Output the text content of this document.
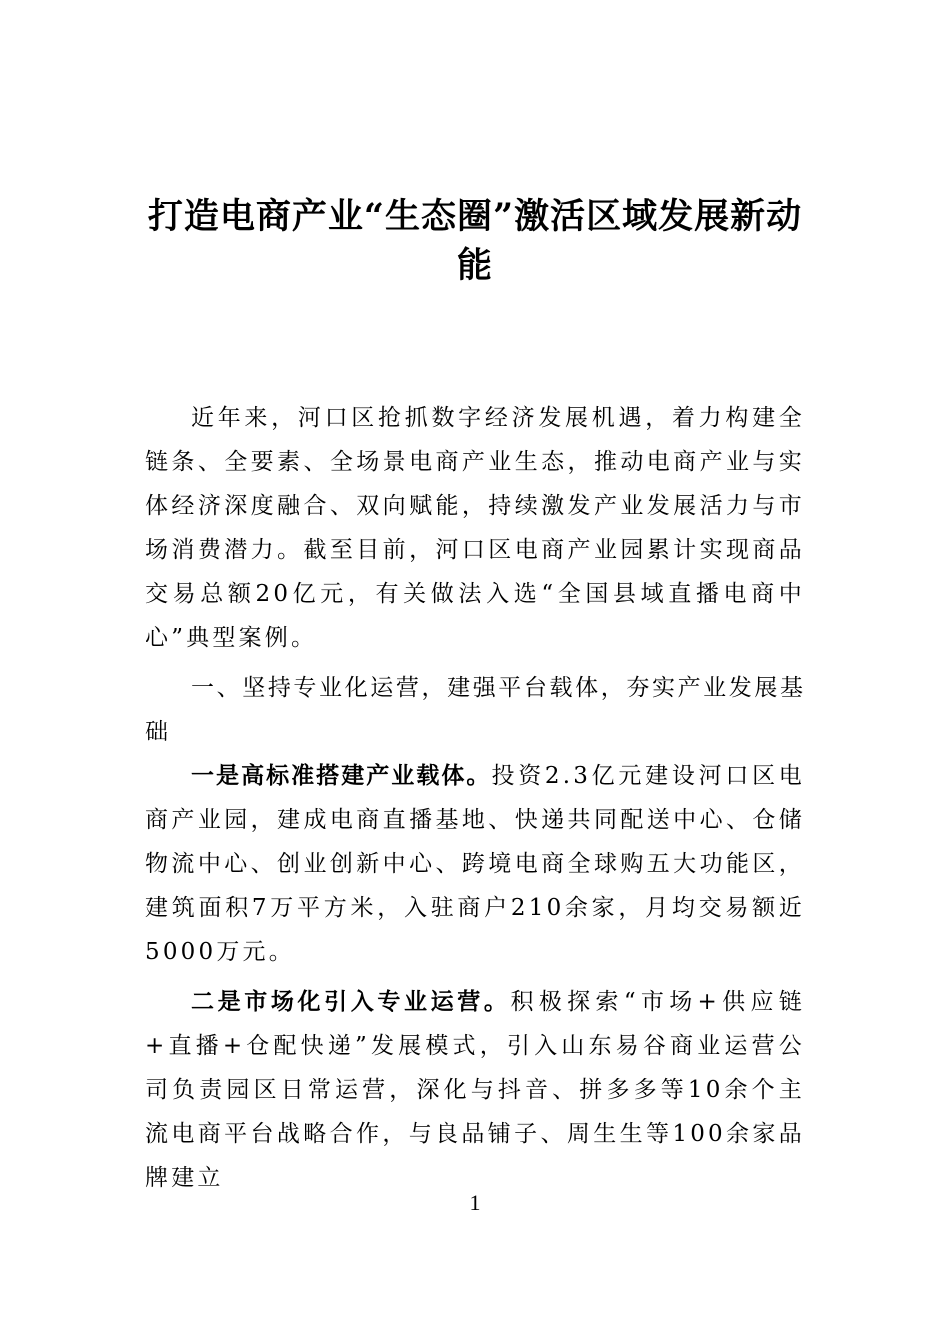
打造电商产业“生态圈”激活区域发展新动能

近年来，河口区抢抓数字经济发展机遇，着力构建全链条、全要素、全场景电商产业生态，推动电商产业与实体经济深度融合、双向赋能，持续激发产业发展活力与市场消费潜力。截至目前，河口区电商产业园累计实现商品交易总额20亿元，有关做法入选“全国县域直播电商中心”典型案例。

一、坚持专业化运营，建强平台载体，夯实产业发展基础

一是高标准搭建产业载体。投资2.3亿元建设河口区电商产业园，建成电商直播基地、快递共同配送中心、仓储物流中心、创业创新中心、跨境电商全球购五大功能区，建筑面积7万平方米，入驻商户210余家，月均交易额近5000万元。

二是市场化引入专业运营。积极探索“市场+供应链+直播+仓配快递”发展模式，引入山东易谷商业运营公司负责园区日常运营，深化与抖音、拼多多等10余个主流电商平台战略合作，与良品铺子、周生生等100余家品牌建立

1
